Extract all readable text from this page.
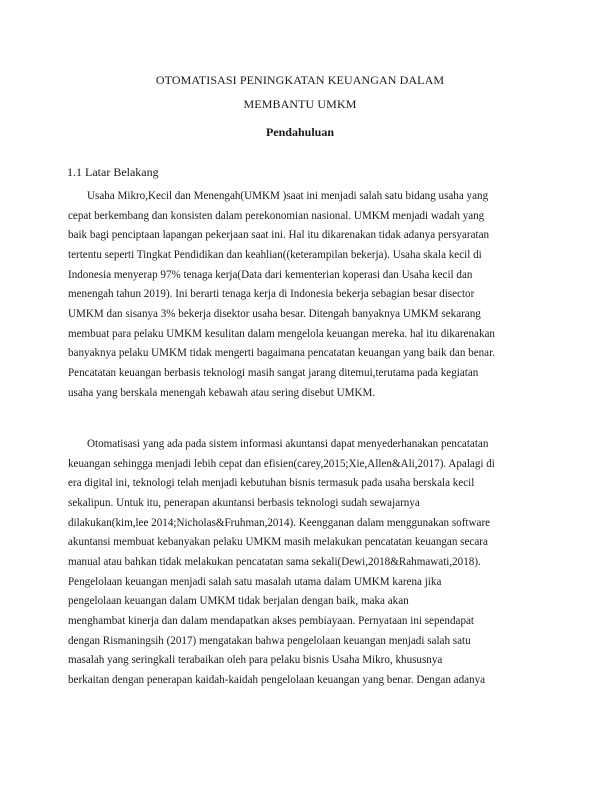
OTOMATISASI PENINGKATAN KEUANGAN DALAM
MEMBANTU UMKM
Pendahuluan
1.1 Latar Belakang
Usaha Mikro,Kecil dan Menengah(UMKM )saat ini menjadi salah satu bidang usaha yang
cepat berkembang dan konsisten dalam perekonomian nasional. UMKM menjadi wadah yang
baik bagi penciptaan lapangan pekerjaan saat ini. Hal itu dikarenakan tidak adanya persyaratan
tertentu seperti Tingkat Pendidikan dan keahlian((keterampilan bekerja). Usaha skala kecil di
Indonesia menyerap 97% tenaga kerja(Data dari kementerian koperasi dan Usaha kecil dan
menengah tahun 2019). Ini berarti tenaga kerja di Indonesia bekerja sebagian besar disector
UMKM dan sisanya 3% bekerja disektor usaha besar. Ditengah banyaknya UMKM sekarang
membuat para pelaku UMKM kesulitan dalam mengelola keuangan mereka. hal itu dikarenakan
banyaknya pelaku UMKM tidak mengerti bagaimana pencatatan keuangan yang baik dan benar.
Pencatatan keuangan berbasis teknologi masih sangat jarang ditemui,terutama pada kegiatan
usaha yang berskala menengah kebawah atau sering disebut UMKM.
Otomatisasi yang ada pada sistem informasi akuntansi dapat menyederhanakan pencatatan
keuangan sehingga menjadi lebih cepat dan efisien(carey,2015;Xie,Allen&Ali,2017). Apalagi di
era digital ini, teknologi telah menjadi kebutuhan bisnis termasuk pada usaha berskala kecil
sekalipun. Untuk itu, penerapan akuntansi berbasis teknologi sudah sewajarnya
dilakukan(kim,lee 2014;Nicholas&Fruhman,2014). Keengganan dalam menggunakan software
akuntansi membuat kebanyakan pelaku UMKM masih melakukan pencatatan keuangan secara
manual atau bahkan tidak melakukan pencatatan sama sekali(Dewi,2018&Rahmawati,2018).
Pengelolaan keuangan menjadi salah satu masalah utama dalam UMKM karena jika
pengelolaan keuangan dalam UMKM tidak berjalan dengan baik, maka akan
menghambat kinerja dan dalam mendapatkan akses pembiayaan. Pernyataan ini sependapat
dengan Rismaningsih (2017) mengatakan bahwa pengelolaan keuangan menjadi salah satu
masalah yang seringkali terabaikan oleh para pelaku bisnis Usaha Mikro, khususnya
berkaitan dengan penerapan kaidah-kaidah pengelolaan keuangan yang benar. Dengan adanya
